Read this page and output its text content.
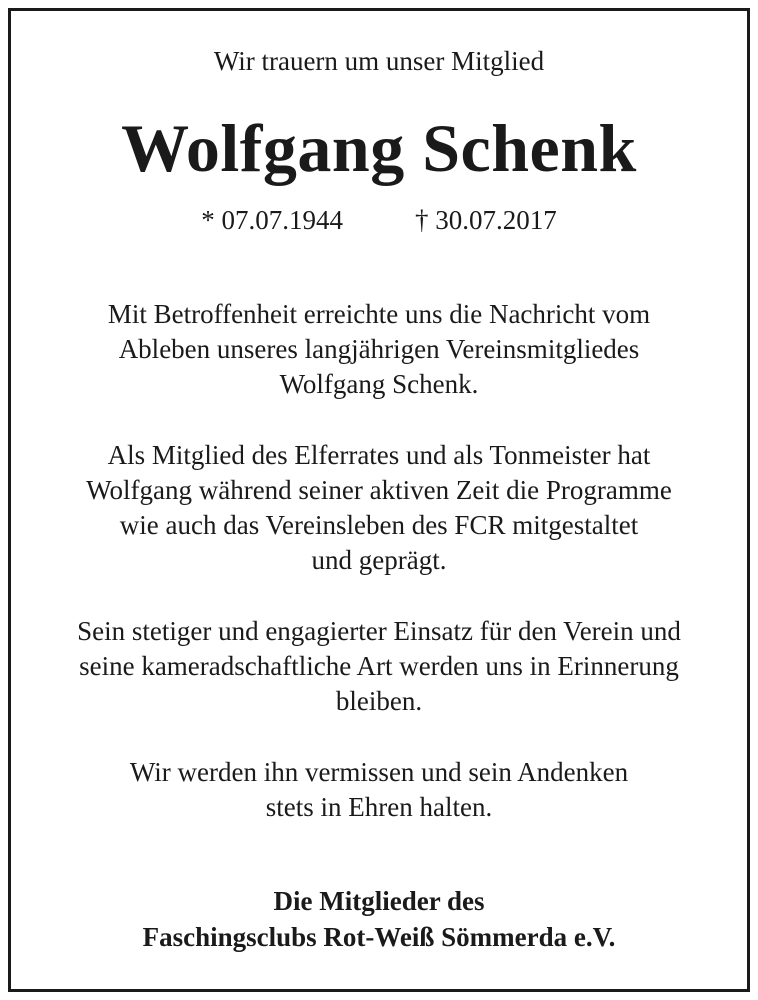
Wir trauern um unser Mitglied
Wolfgang Schenk
* 07.07.1944	† 30.07.2017
Mit Betroffenheit erreichte uns die Nachricht vom
Ableben unseres langjährigen Vereinsmitgliedes
Wolfgang Schenk.
Als Mitglied des Elferrates und als Tonmeister hat
Wolfgang während seiner aktiven Zeit die Programme
wie auch das Vereinsleben des FCR mitgestaltet
und geprägt.
Sein stetiger und engagierter Einsatz für den Verein und
seine kameradschaftliche Art werden uns in Erinnerung
bleiben.
Wir werden ihn vermissen und sein Andenken
stets in Ehren halten.
Die Mitglieder des
Faschingsclubs Rot-Weiß Sömmerda e.V.
